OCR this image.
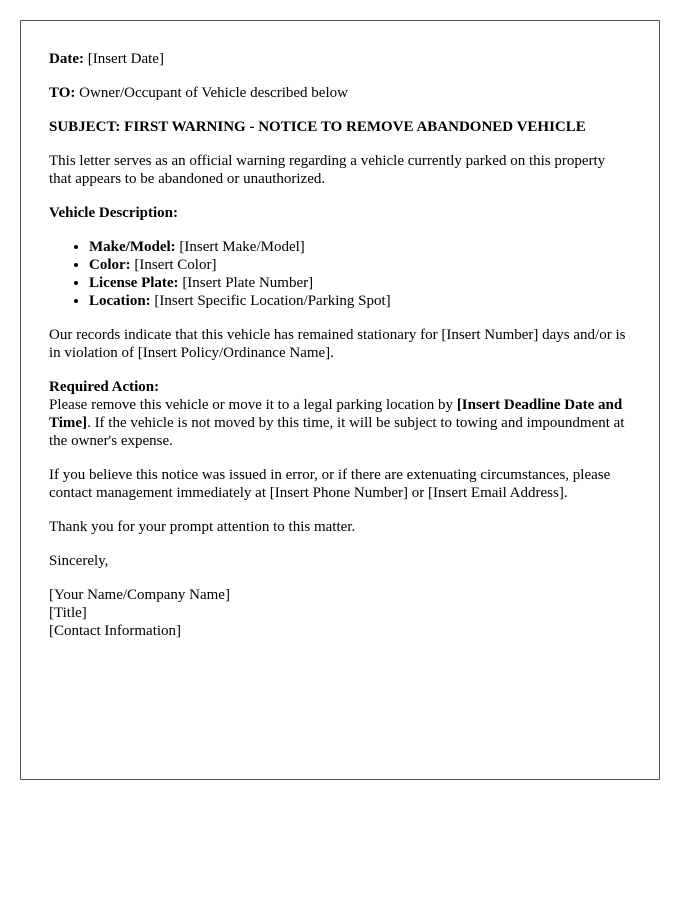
Date: [Insert Date]

TO: Owner/Occupant of Vehicle described below

SUBJECT: FIRST WARNING - NOTICE TO REMOVE ABANDONED VEHICLE

This letter serves as an official warning regarding a vehicle currently parked on this property that appears to be abandoned or unauthorized.

Vehicle Description:

• Make/Model: [Insert Make/Model]
• Color: [Insert Color]
• License Plate: [Insert Plate Number]
• Location: [Insert Specific Location/Parking Spot]

Our records indicate that this vehicle has remained stationary for [Insert Number] days and/or is in violation of [Insert Policy/Ordinance Name].

Required Action:
Please remove this vehicle or move it to a legal parking location by [Insert Deadline Date and Time]. If the vehicle is not moved by this time, it will be subject to towing and impoundment at the owner's expense.

If you believe this notice was issued in error, or if there are extenuating circumstances, please contact management immediately at [Insert Phone Number] or [Insert Email Address].

Thank you for your prompt attention to this matter.

Sincerely,

[Your Name/Company Name]
[Title]
[Contact Information]
